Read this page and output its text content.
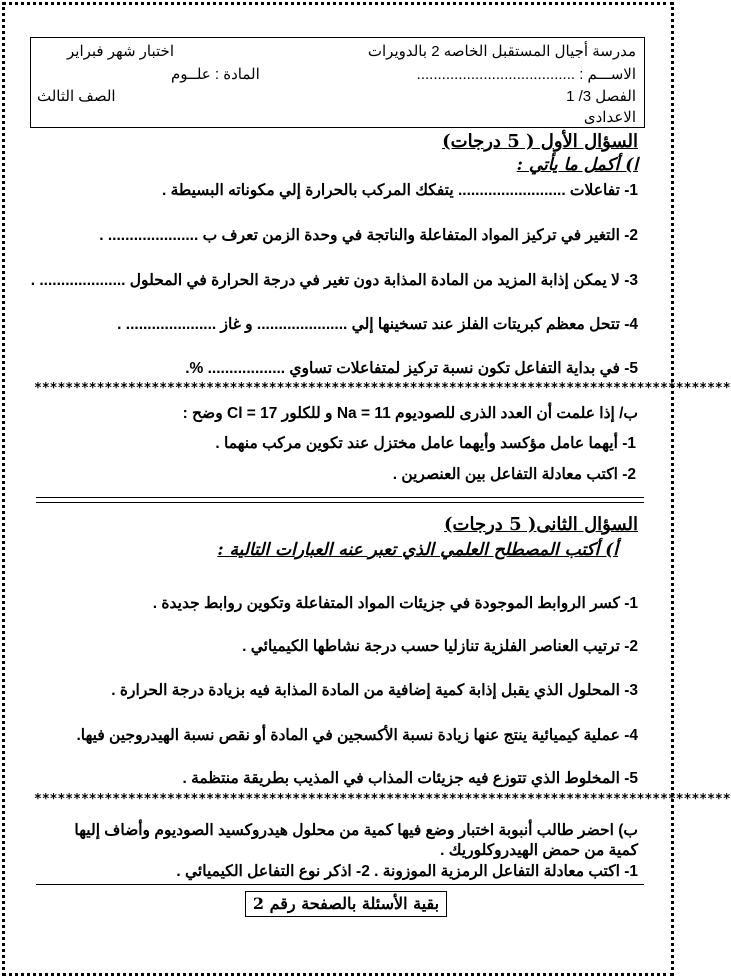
مدرسة أجيال المستقبل الخاصه 2 بالدويرات
اختبار شهر فبراير
الاســـم : ......................................
المادة : علــوم
الفصل 3/ 1
الصف الثالث
الاعدادى
السؤال الأول ( 5 درجات)
ا) أكمل ما يأتي :
1- تفاعلات ......................... يتفكك المركب بالحرارة إلي مكوناته البسيطة .
2- التغير في تركيز المواد المتفاعلة والناتجة في وحدة الزمن تعرف ب ..................... .
3- لا يمكن إذابة المزيد من المادة المذابة دون تغير في درجة الحرارة في المحلول .................... .
4- تتحل معظم كبريتات الفلز عند تسخينها إلي ..................... و غاز ..................... .
5- في بداية التفاعل تكون نسبة تركيز لمتفاعلات تساوي .................. %.
*****************************************************************************************
ب/ إذا علمت أن العدد الذرى للصوديوم Na = 11 و للكلور Cl = 17 وضح :
1- أيهما عامل مؤكسد وأيهما عامل مختزل عند تكوين مركب منهما .
2- اكتب معادلة التفاعل بين العنصرين .
السؤال الثانى( 5 درجات)
أ) أكتب المصطلح العلمي الذي تعبر عنه العبارات التالية :
1- كسر الروابط الموجودة في جزيئات المواد المتفاعلة وتكوين روابط جديدة .
2- ترتيب العناصر الفلزية تنازليا حسب درجة نشاطها الكيميائي .
3- المحلول الذي يقبل إذابة كمية إضافية من المادة المذابة فيه بزيادة درجة الحرارة .
4- عملية كيميائية ينتج عنها زيادة نسبة الأكسجين في المادة أو نقص نسبة الهيدروجين فيها.
5- المخلوط الذي تتوزع فيه جزيئات المذاب في المذيب بطريقة منتظمة .
*****************************************************************************************
ب) احضر طالب أنبوبة اختبار وضع فيها كمية من محلول هيدروكسيد الصوديوم وأضاف إليها
كمية من حمض الهيدروكلوريك .
1- اكتب معادلة التفاعل الرمزية الموزونة . 2- اذكر نوع التفاعل الكيميائي .
بقية الأسئلة بالصفحة رقم 2
